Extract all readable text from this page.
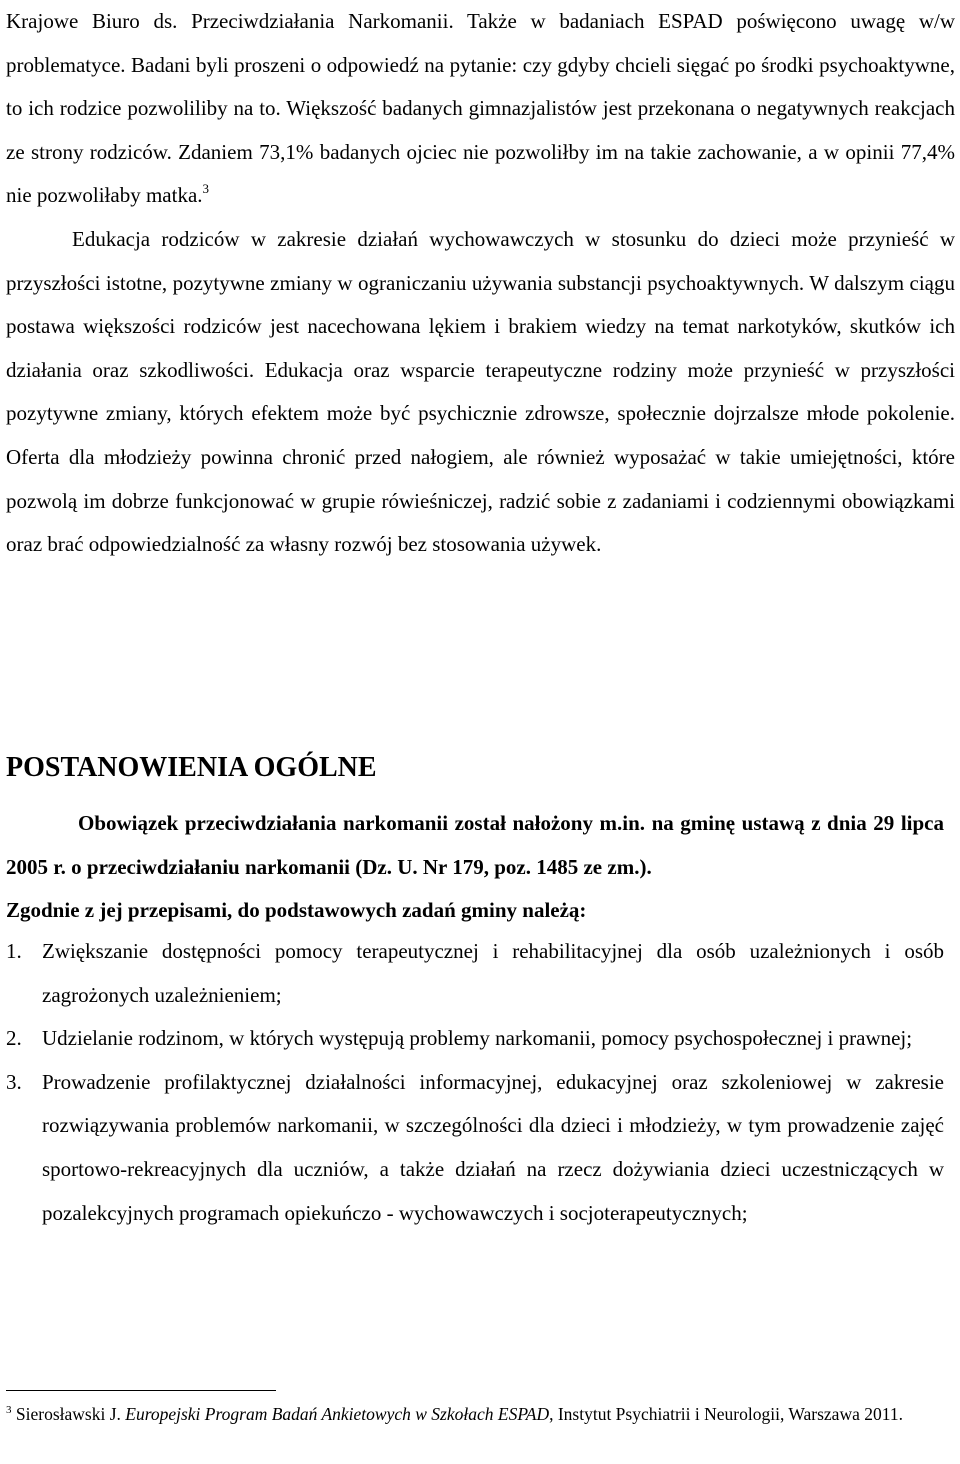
Krajowe Biuro ds. Przeciwdziałania Narkomanii. Także w badaniach ESPAD poświęcono uwagę w/w problematyce. Badani byli proszeni o odpowiedź na pytanie: czy gdyby chcieli sięgać po środki psychoaktywne, to ich rodzice pozwoliliby na to. Większość badanych gimnazjalistów jest przekonana o negatywnych reakcjach ze strony rodziców. Zdaniem 73,1% badanych ojciec nie pozwoliłby im na takie zachowanie, a w opinii 77,4% nie pozwoliłaby matka.$^3$
Edukacja rodziców w zakresie działań wychowawczych w stosunku do dzieci może przynieść w przyszłości istotne, pozytywne zmiany w ograniczaniu używania substancji psychoaktywnych. W dalszym ciągu postawa większości rodziców jest nacechowana lękiem i brakiem wiedzy na temat narkotyków, skutków ich działania oraz szkodliwości. Edukacja oraz wsparcie terapeutyczne rodziny może przynieść w przyszłości pozytywne zmiany, których efektem może być psychicznie zdrowsze, społecznie dojrzalsze młode pokolenie. Oferta dla młodzieży powinna chronić przed nałogiem, ale również wyposażać w takie umiejętności, które pozwolą im dobrze funkcjonować w grupie rówieśniczej, radzić sobie z zadaniami i codziennymi obowiązkami oraz brać odpowiedzialność za własny rozwój bez stosowania używek.

POSTANOWIENIA OGÓLNE

Obowiązek przeciwdziałania narkomanii został nałożony m.in. na gminę ustawą z dnia 29 lipca 2005 r. o przeciwdziałaniu narkomanii (Dz. U. Nr 179, poz. 1485 ze zm.).

Zgodnie z jej przepisami, do podstawowych zadań gminy należą:

1. Zwiększanie dostępności pomocy terapeutycznej i rehabilitacyjnej dla osób uzależnionych i osób zagrożonych uzależnieniem;
2. Udzielanie rodzinom, w których występują problemy narkomanii, pomocy psychospołecznej i prawnej;
3. Prowadzenie profilaktycznej działalności informacyjnej, edukacyjnej oraz szkoleniowej w zakresie rozwiązywania problemów narkomanii, w szczególności dla dzieci i młodzieży, w tym prowadzenie zajęć sportowo-rekreacyjnych dla uczniów, a także działań na rzecz dożywiania dzieci uczestniczących w pozalekcyjnych programach opiekuńczo - wychowawczych i socjoterapeutycznych;
$^3$ Sierosławski J. Europejski Program Badań Ankietowych w Szkołach ESPAD, Instytut Psychiatrii i Neurologii, Warszawa 2011.
